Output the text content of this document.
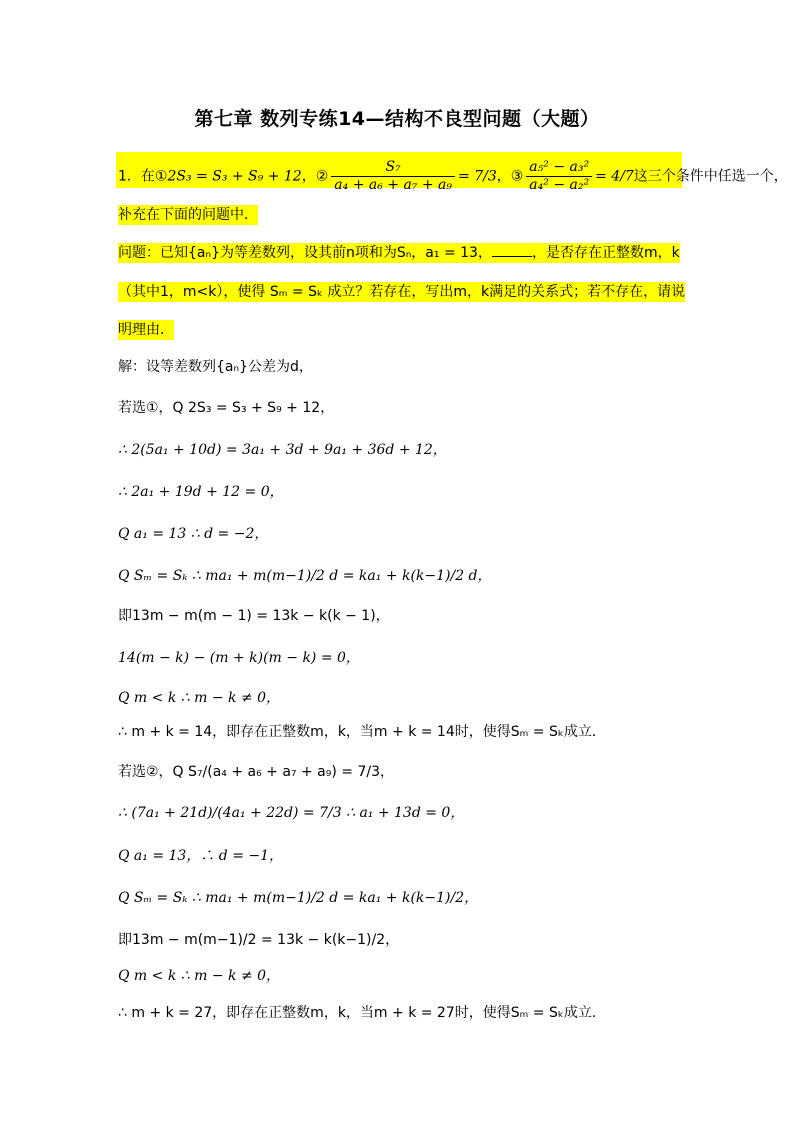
第七章 数列专练14—结构不良型问题（大题）
1．在①2S₃ = S₃ + S₉ + 12，② $\frac{\text{S₇}}{\text{a₄ + a₆ + a₇ + a₉}} = 7/3$，③ $\frac{\text{a₅² − a₃²}}{\text{a₄² − a₂²}} = 4/7$这三个条件中任选一个，
补充在下面的问题中．
问题：已知{aₙ}为等差数列，设其前n项和为Sₙ，a₁ = 13，	，是否存在正整数m，k
（其中1，m<k），使得 Sₘ = Sₖ 成立？若存在，写出m，k满足的关系式；若不存在，请说
明理由．
解：设等差数列{aₙ}公差为d，
若选①，Q 2S₃ = S₃ + S₉ + 12，
∴ 2(5a₁ + 10d) = 3a₁ + 3d + 9a₁ + 36d + 12，
∴ 2a₁ + 19d + 12 = 0，
Q a₁ = 13 ∴ d = −2，
Q Sₘ = Sₖ ∴ ma₁ + m(m−1)/2 d = ka₁ + k(k−1)/2 d，
即13m − m(m − 1) = 13k − k(k − 1)，
14(m − k) − (m + k)(m − k) = 0，
Q m < k ∴ m − k ≠ 0，
∴ m + k = 14，即存在正整数m，k，当m + k = 14时，使得Sₘ = Sₖ成立．
若选②，Q S₇/(a₄ + a₆ + a₇ + a₉) = 7/3，
∴ (7a₁ + 21d)/(4a₁ + 22d) = 7/3 ∴ a₁ + 13d = 0，
Q a₁ = 13，∴ d = −1，
Q Sₘ = Sₖ ∴ ma₁ + m(m−1)/2 d = ka₁ + k(k−1)/2，
即13m − m(m−1)/2 = 13k − k(k−1)/2，
Q m < k ∴ m − k ≠ 0，
∴ m + k = 27，即存在正整数m，k，当m + k = 27时，使得Sₘ = Sₖ成立．
